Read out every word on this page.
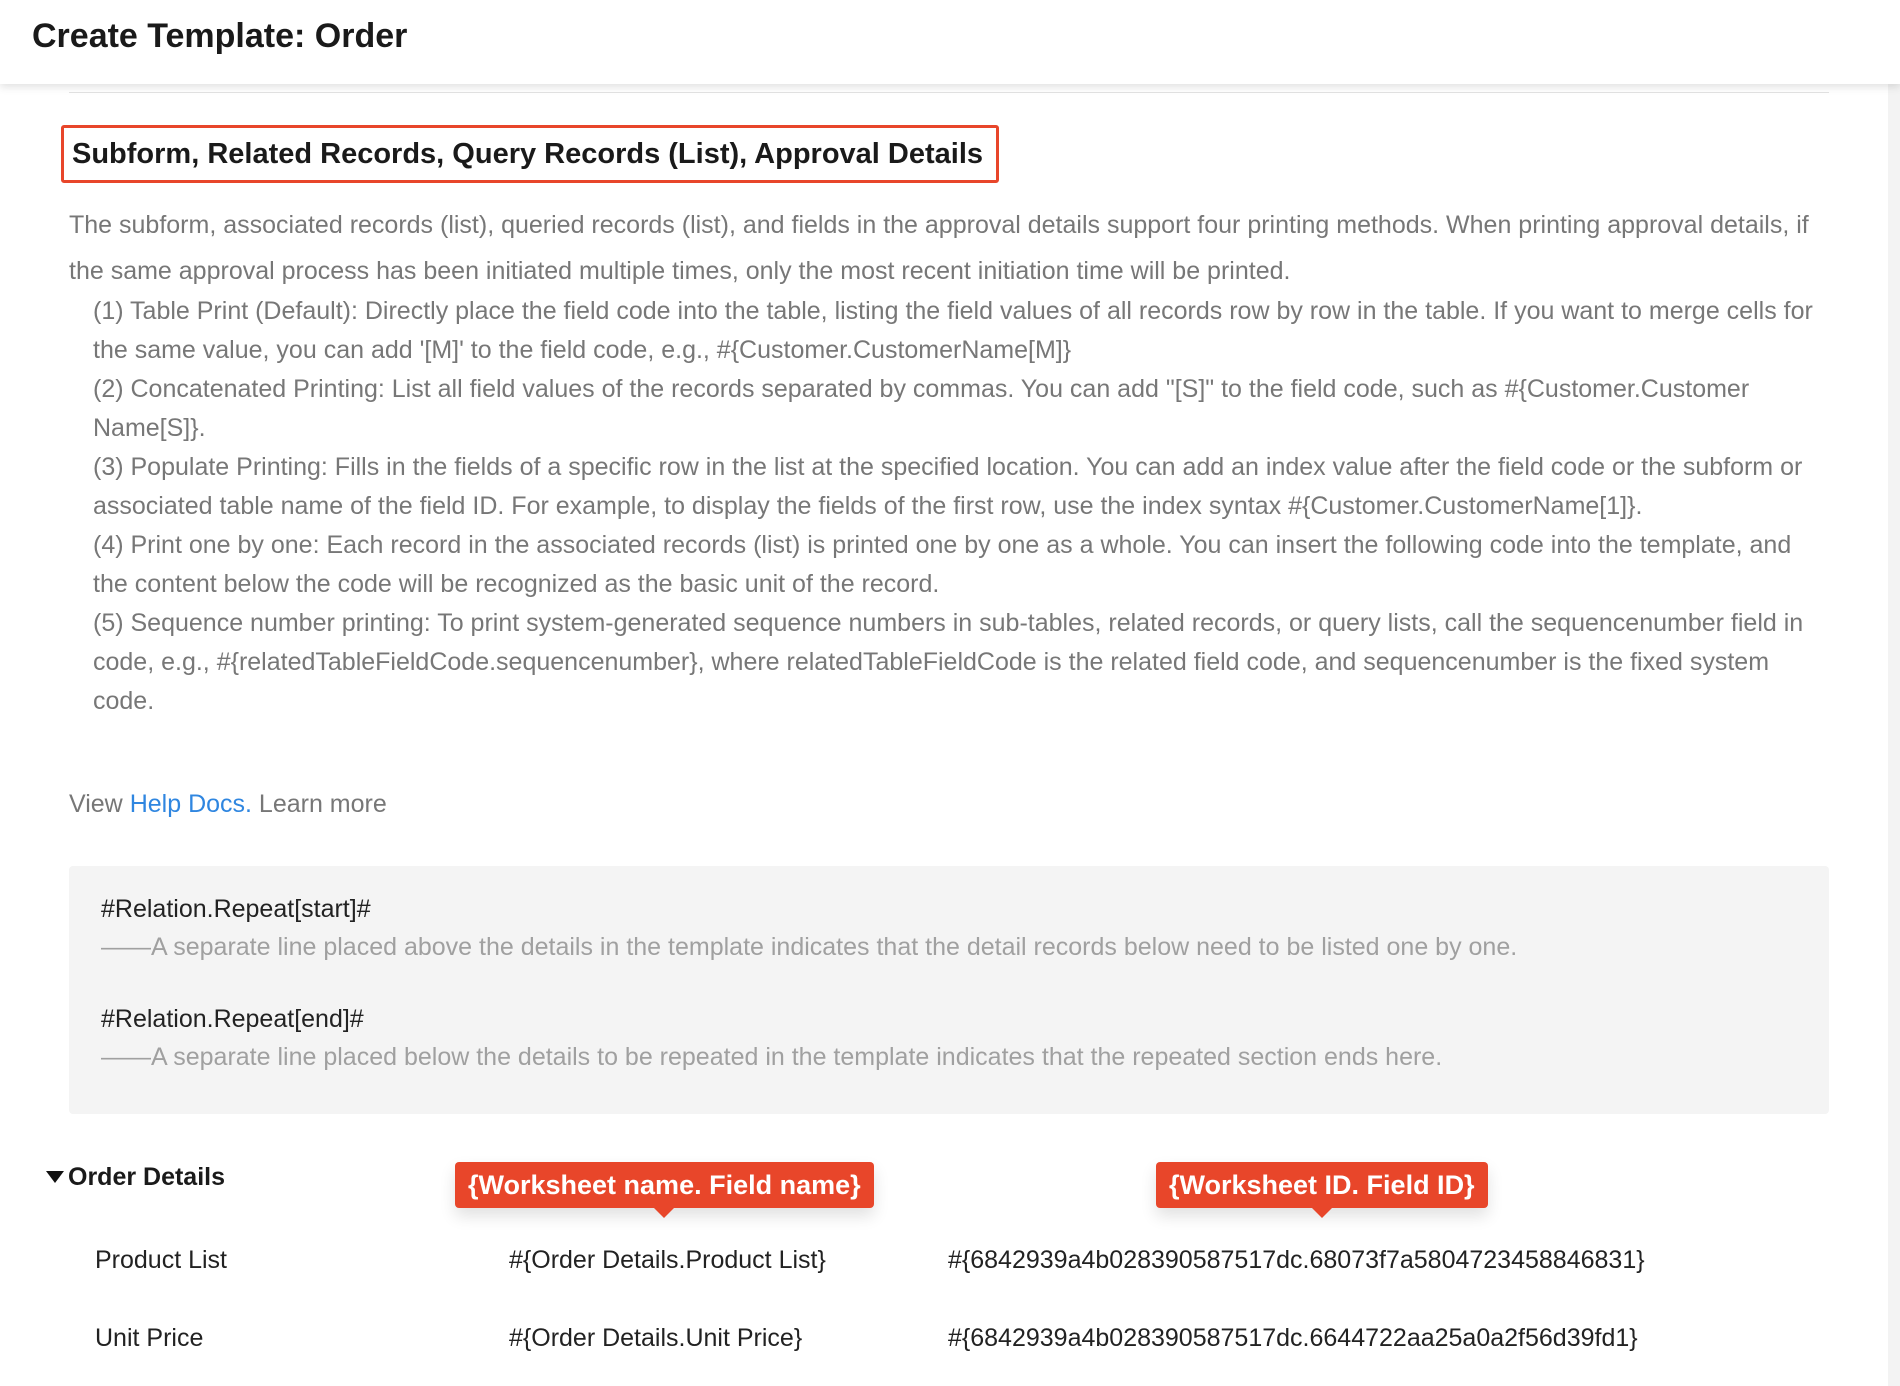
Create Template: Order
Subform, Related Records, Query Records (List), Approval Details

The subform, associated records (list), queried records (list), and fields in the approval details support four printing methods. When printing approval details, if the same approval process has been initiated multiple times, only the most recent initiation time will be printed.

(1) Table Print (Default): Directly place the field code into the table, listing the field values of all records row by row in the table. If you want to merge cells for the same value, you can add '[M]' to the field code, e.g., #{Customer.CustomerName[M]}
(2) Concatenated Printing: List all field values of the records separated by commas. You can add "[S]" to the field code, such as #{Customer.Customer Name[S]}.
(3) Populate Printing: Fills in the fields of a specific row in the list at the specified location. You can add an index value after the field code or the subform or associated table name of the field ID. For example, to display the fields of the first row, use the index syntax #{Customer.CustomerName[1]}.
(4) Print one by one: Each record in the associated records (list) is printed one by one as a whole. You can insert the following code into the template, and the content below the code will be recognized as the basic unit of the record.
(5) Sequence number printing: To print system-generated sequence numbers in sub-tables, related records, or query lists, call the sequencenumber field in code, e.g., #{relatedTableFieldCode.sequencenumber}, where relatedTableFieldCode is the related field code, and sequencenumber is the fixed system code.
View Help Docs. Learn more
#Relation.Repeat[start]#
——A separate line placed above the details in the template indicates that the detail records below need to be listed one by one.
#Relation.Repeat[end]#
——A separate line placed below the details to be repeated in the template indicates that the repeated section ends here.
Order Details	{Worksheet name. Field name}	{Worksheet ID. Field ID}
Product List	#{Order Details.Product List}	#{6842939a4b028390587517dc.68073f7a5804723458846831}
Unit Price	#{Order Details.Unit Price}	#{6842939a4b028390587517dc.6644722aa25a0a2f56d39fd1}
